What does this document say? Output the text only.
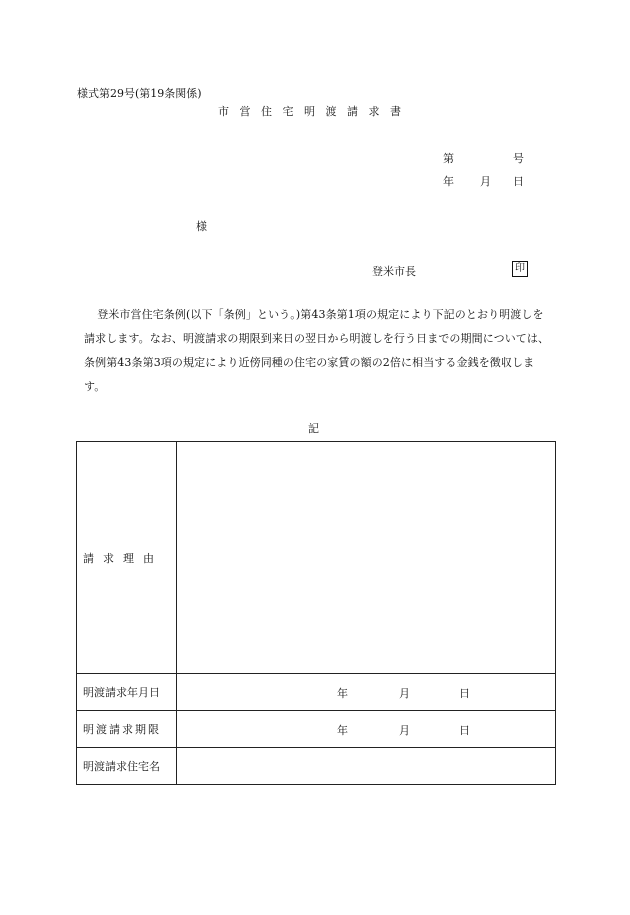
様式第29号(第19条関係)
市営住宅明渡請求書
第	号
年 月 日
様
登米市長	印
登米市営住宅条例(以下「条例」という。)第43条第1項の規定により下記のとおり明渡しを請求します。なお、明渡請求の期限到来日の翌日から明渡しを行う日までの期間については、条例第43条第3項の規定により近傍同種の住宅の家賃の額の2倍に相当する金銭を徴収します。
記
請求理由	
明渡請求年月日	年 月 日

明渡請求期限	年 月 日

明渡請求住宅名	
